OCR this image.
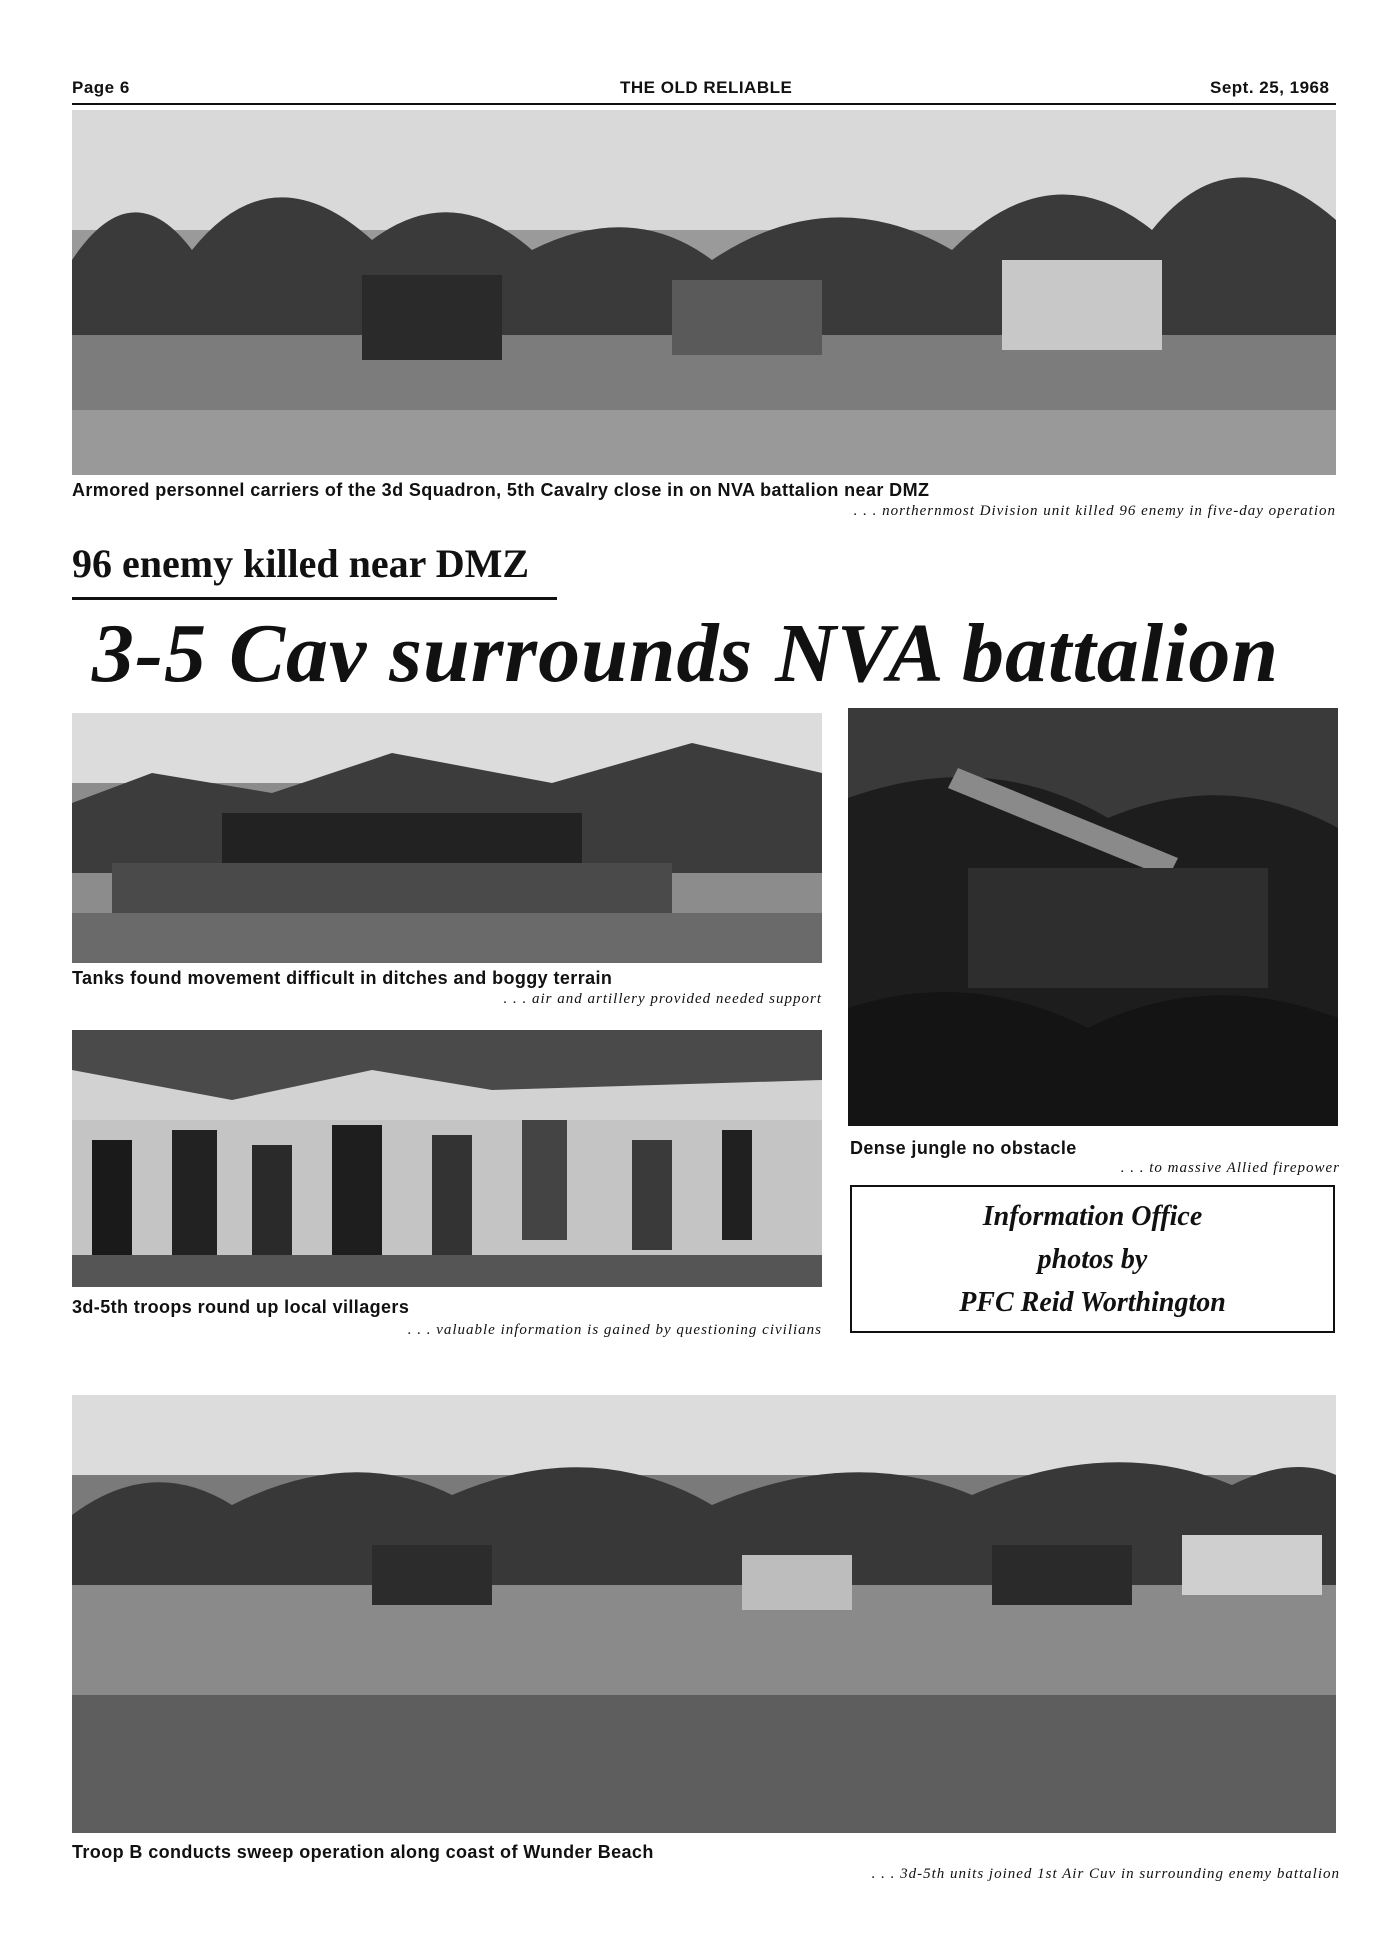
Page 6	THE OLD RELIABLE	Sept. 25, 1968
Armored personnel carriers of the 3d Squadron, 5th Cavalry close in on NVA battalion near DMZ
. . . northernmost Division unit killed 96 enemy in five-day operation
96 enemy killed near DMZ
3-5 Cav surrounds NVA battalion
Tanks found movement difficult in ditches and boggy terrain
. . . air and artillery provided needed support
Dense jungle no obstacle
. . . to massive Allied firepower
3d-5th troops round up local villagers
. . . valuable information is gained by questioning civilians
Information Office
photos by
PFC Reid Worthington
Troop B conducts sweep operation along coast of Wunder Beach
. . . 3d-5th units joined 1st Air Cuv in surrounding enemy battalion
